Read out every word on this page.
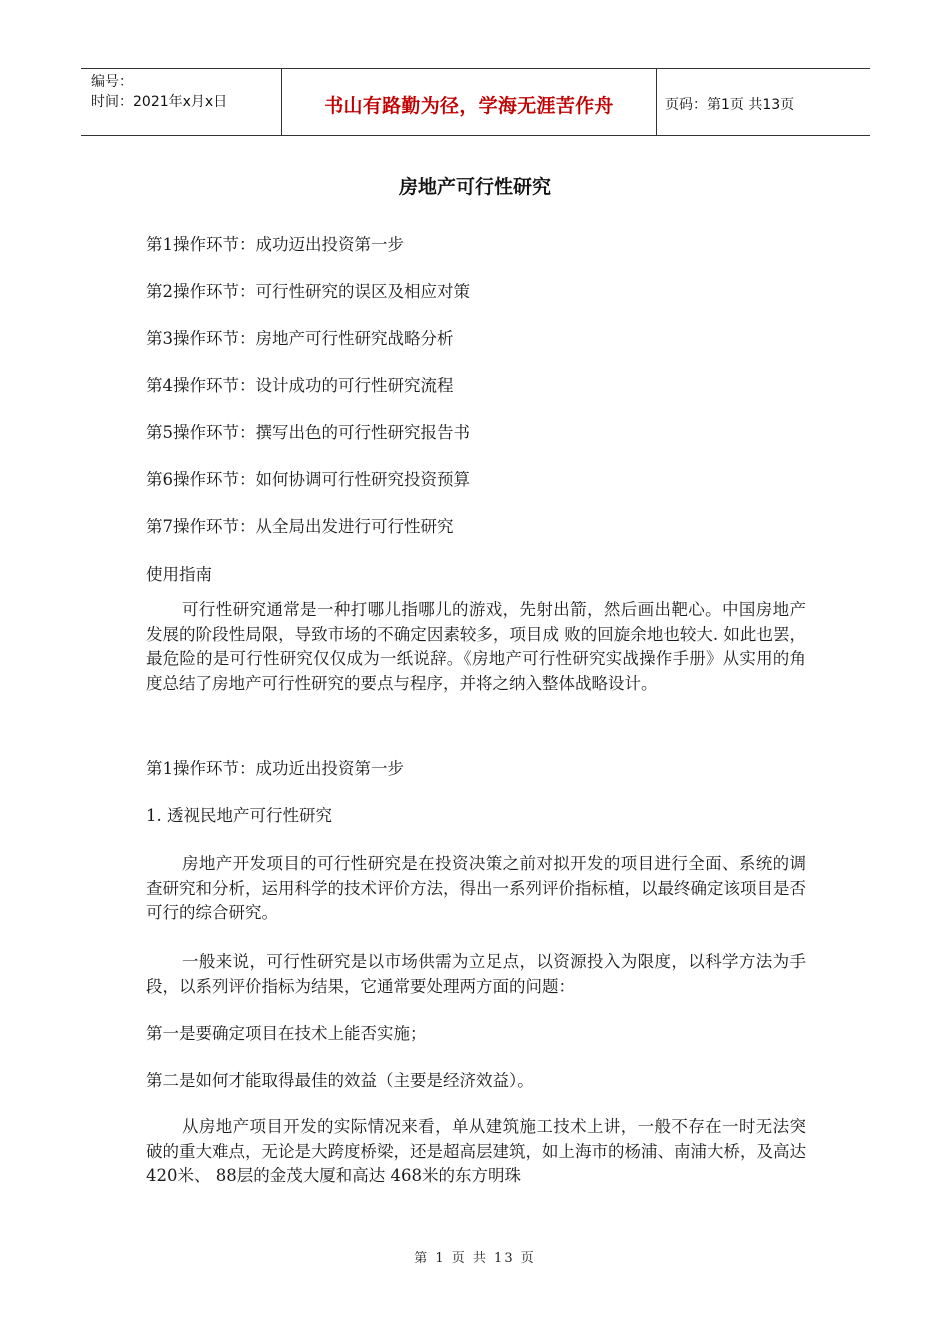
编号：
时间：2021年x月x日	书山有路勤为径，学海无涯苦作舟	页码：第1页 共13页
房地产可行性研究
第1操作环节：成功迈出投资第一步
第2操作环节：可行性研究的误区及相应对策
第3操作环节：房地产可行性研究战略分析
第4操作环节：设计成功的可行性研究流程
第5操作环节：撰写出色的可行性研究报告书
第6操作环节：如何协调可行性研究投资预算
第7操作环节：从全局出发进行可行性研究
使用指南
可行性研究通常是一种打哪儿指哪儿的游戏，先射出箭，然后画出靶心。中国房地产发展的阶段性局限，导致市场的不确定因素较多，项目成 败的回旋余地也较大. 如此也罢，最危险的是可行性研究仅仅成为一纸说辞。《房地产可行性研究实战操作手册》从实用的角度总结了房地产可行性研究的要点与程序，并将之纳入整体战略设计。
第1操作环节：成功近出投资第一步
1. 透视民地产可行性研究
房地产开发项目的可行性研究是在投资决策之前对拟开发的项目进行全面、系统的调查研究和分析，运用科学的技术评价方法，得出一系列评价指标植，以最终确定该项目是否可行的综合研究。
一般来说，可行性研究是以市场供需为立足点，以资源投入为限度，以科学方法为手段，以系列评价指标为结果，它通常要处理两方面的问题：
第一是要确定项目在技术上能否实施；
第二是如何才能取得最佳的效益（主要是经济效益）。
从房地产项目开发的实际情况来看，单从建筑施工技术上讲，一般不存在一时无法突破的重大难点，无论是大跨度桥梁，还是超高层建筑，如上海市的杨浦、南浦大桥，及高达 420米、 88层的金茂大厦和高达 468米的东方明珠
第 1 页 共 13 页
